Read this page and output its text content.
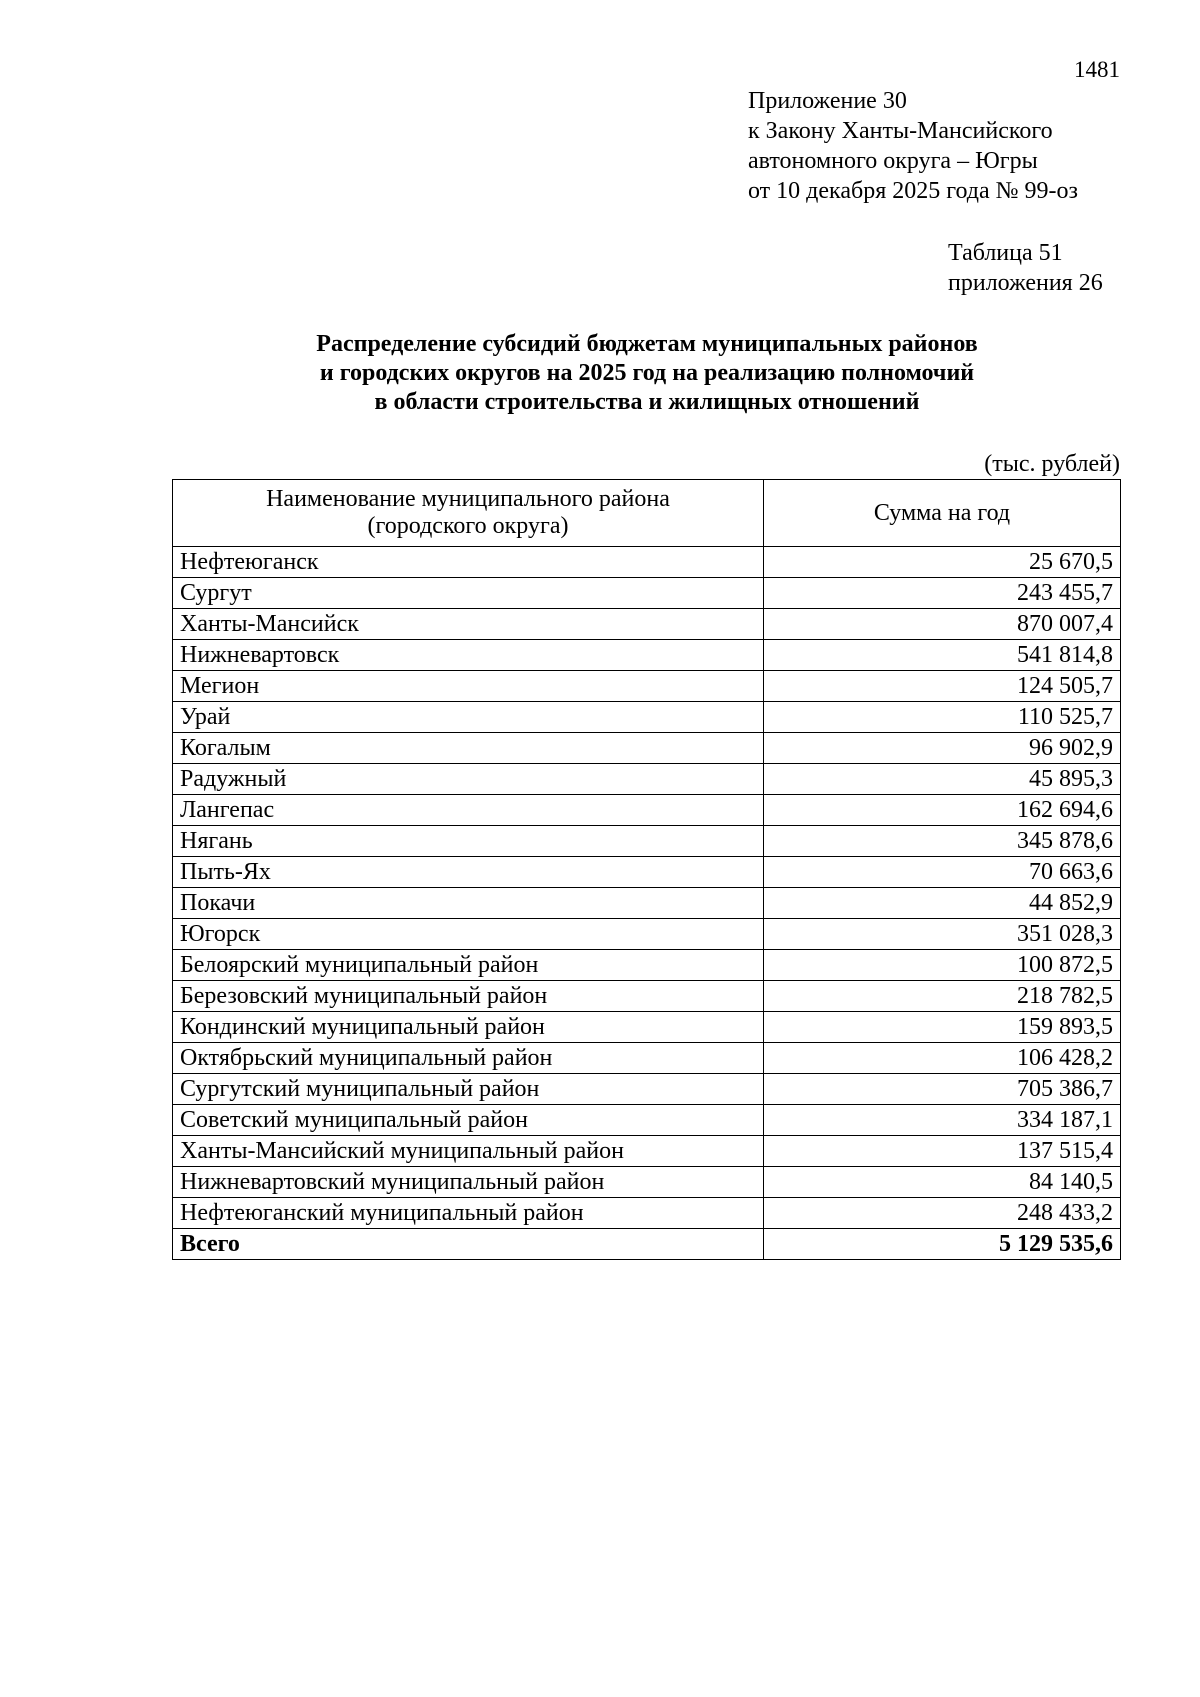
1481
Приложение 30
к Закону Ханты-Мансийского
автономного округа – Югры
от 10 декабря 2025 года № 99-оз
Таблица 51
приложения 26
Распределение субсидий бюджетам муниципальных районов
и городских округов на 2025 год на реализацию полномочий
в области строительства и жилищных отношений
(тыс. рублей)
Наименование муниципального района
(городского округа)	Сумма на год
Нефтеюганск	25 670,5
Сургут	243 455,7
Ханты-Мансийск	870 007,4
Нижневартовск	541 814,8
Мегион	124 505,7
Урай	110 525,7
Когалым	96 902,9
Радужный	45 895,3
Лангепас	162 694,6
Нягань	345 878,6
Пыть-Ях	70 663,6
Покачи	44 852,9
Югорск	351 028,3
Белоярский муниципальный район	100 872,5
Березовский муниципальный район	218 782,5
Кондинский муниципальный район	159 893,5
Октябрьский муниципальный район	106 428,2
Сургутский муниципальный район	705 386,7
Советский муниципальный район	334 187,1
Ханты-Мансийский муниципальный район	137 515,4
Нижневартовский муниципальный район	84 140,5
Нефтеюганский муниципальный район	248 433,2
Всего	5 129 535,6
